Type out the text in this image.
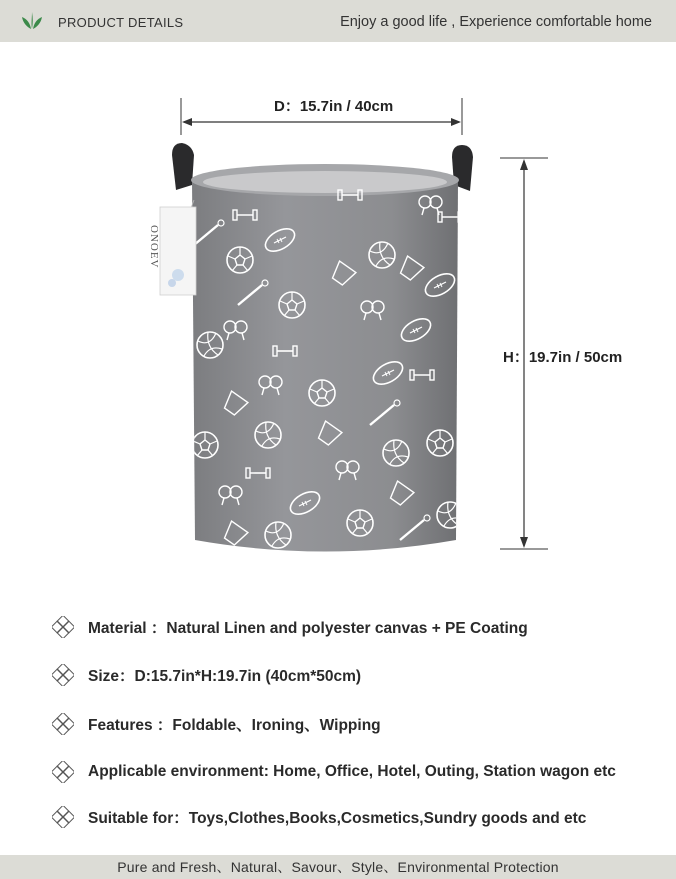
PRODUCT DETAILS	Enjoy a good life , Experience comfortable home
D：15.7in / 40cm
H：19.7in / 50cm
ONOEV
Material ：Natural Linen and polyester canvas + PE Coating
Size：D:15.7in*H:19.7in (40cm*50cm)
Features ：Foldable、Ironing、Wipping
Applicable environment: Home, Office, Hotel, Outing, Station wagon etc
Suitable for：Toys,Clothes,Books,Cosmetics,Sundry goods and etc
Pure and Fresh、Natural、Savour、Style、Environmental Protection
